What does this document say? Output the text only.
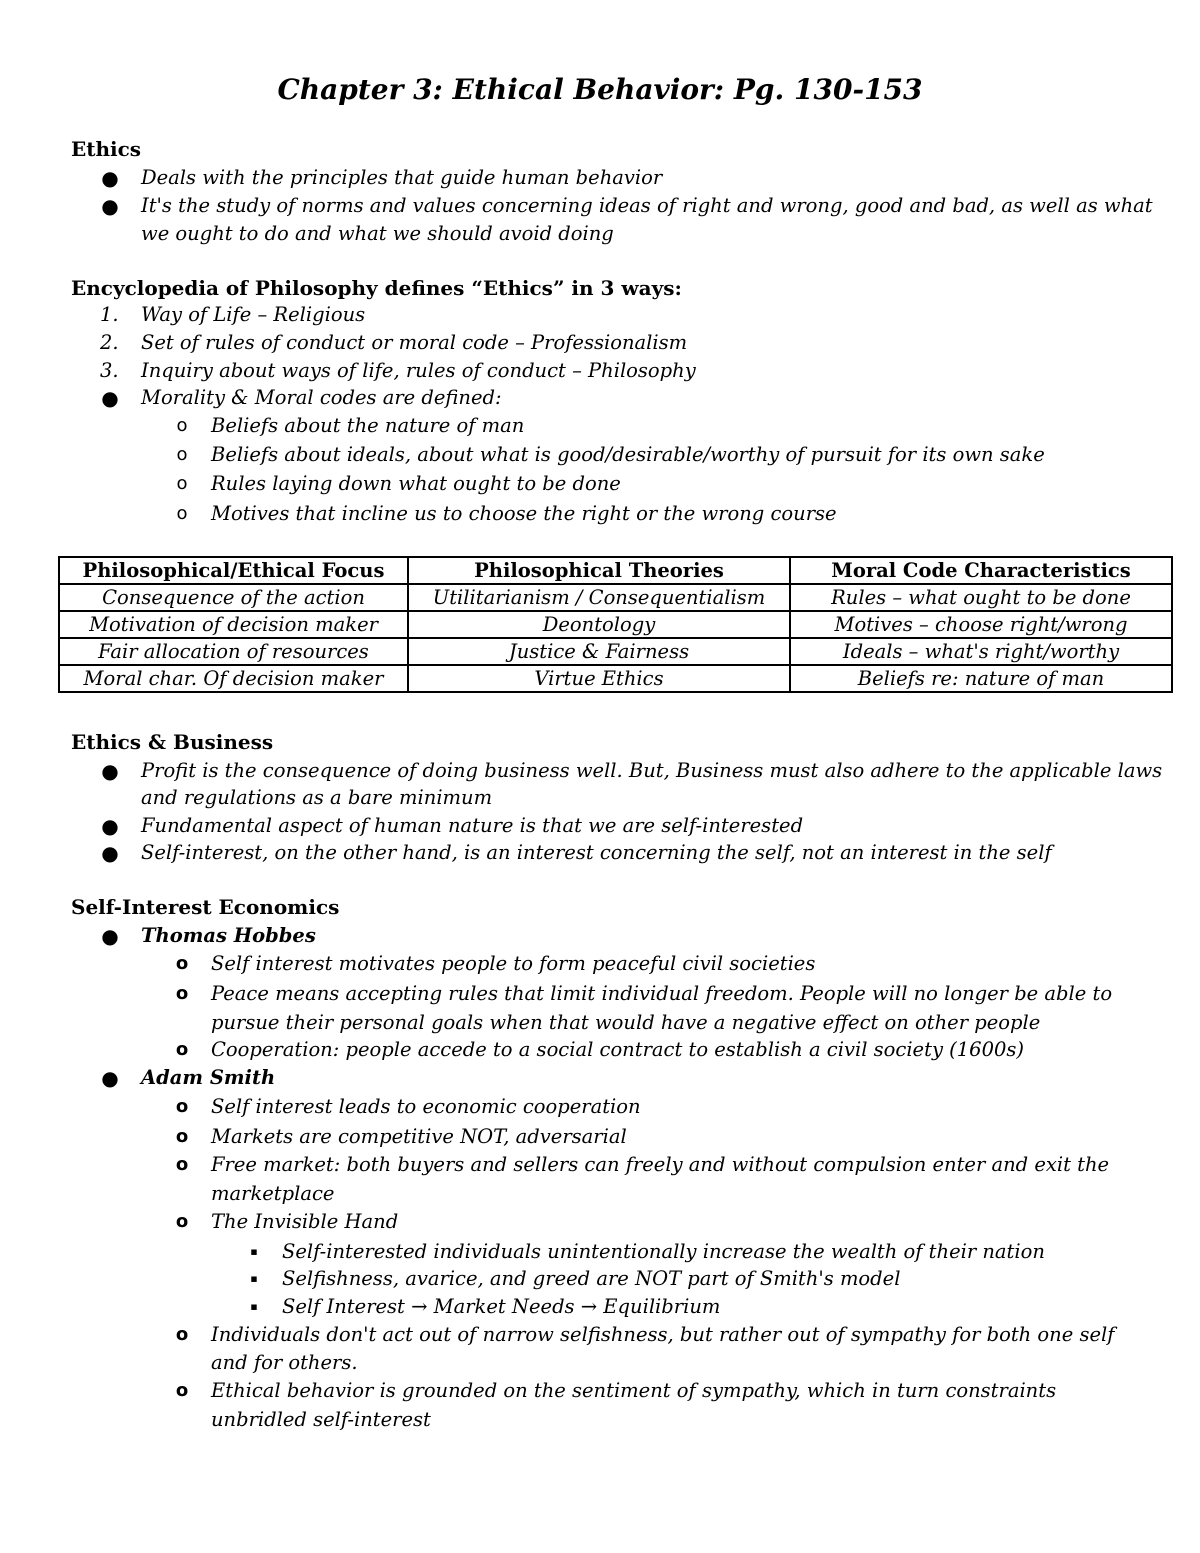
Chapter 3: Ethical Behavior: Pg. 130-153
Ethics
● Deals with the principles that guide human behavior
● It's the study of norms and values concerning ideas of right and wrong, good and bad, as well as what
we ought to do and what we should avoid doing
Encyclopedia of Philosophy defines “Ethics” in 3 ways:
1.	Way of Life – Religious
2.	Set of rules of conduct or moral code – Professionalism
3.	Inquiry about ways of life, rules of conduct – Philosophy
● Morality & Moral codes are defined:
o Beliefs about the nature of man
o Beliefs about ideals, about what is good/desirable/worthy of pursuit for its own sake
o Rules laying down what ought to be done
o Motives that incline us to choose the right or the wrong course
Philosophical/Ethical Focus	Philosophical Theories	Moral Code Characteristics
Consequence of the action	Utilitarianism / Consequentialism	Rules – what ought to be done
Motivation of decision maker	Deontology	Motives – choose right/wrong
Fair allocation of resources	Justice & Fairness	Ideals – what's right/worthy
Moral char. Of decision maker	Virtue Ethics	Beliefs re: nature of man
Ethics & Business
● Profit is the consequence of doing business well. But, Business must also adhere to the applicable laws
and regulations as a bare minimum
● Fundamental aspect of human nature is that we are self-interested
● Self-interest, on the other hand, is an interest concerning the self, not an interest in the self
Self-Interest Economics
● Thomas Hobbes
o Self interest motivates people to form peaceful civil societies
o Peace means accepting rules that limit individual freedom. People will no longer be able to
pursue their personal goals when that would have a negative effect on other people
o Cooperation: people accede to a social contract to establish a civil society (1600s)
● Adam Smith
o Self interest leads to economic cooperation
o Markets are competitive NOT, adversarial
o Free market: both buyers and sellers can freely and without compulsion enter and exit the
marketplace
o The Invisible Hand
▪ Self-interested individuals unintentionally increase the wealth of their nation
▪ Selfishness, avarice, and greed are NOT part of Smith's model
▪ Self Interest → Market Needs → Equilibrium
o Individuals don't act out of narrow selfishness, but rather out of sympathy for both one self
and for others.
o Ethical behavior is grounded on the sentiment of sympathy, which in turn constraints
unbridled self-interest
